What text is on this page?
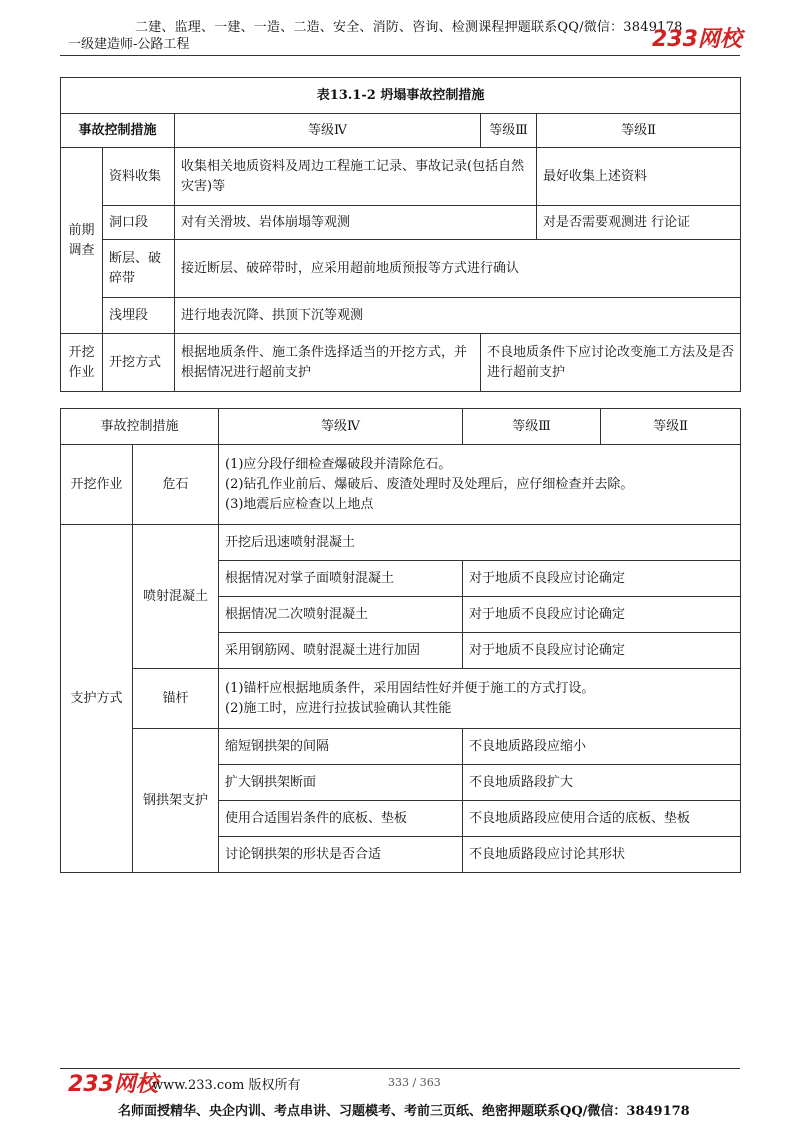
二建、监理、一建、一造、二造、安全、消防、咨询、检测课程押题联系QQ/微信：3849178
一级建造师-公路工程	233网校
表13.1-2 坍塌事故控制措施				
事故控制措施		等级Ⅳ	等级Ⅲ	等级Ⅱ
前期调查	资料收集	收集相关地质资料及周边工程施工记录、事故记录(包括自然灾害)等		最好收集上述资料
	洞口段	对有关滑坡、岩体崩塌等观测		对是否需要观测进 行论证
	断层、破碎带	接近断层、破碎带时，应采用超前地质预报等方式进行确认		
	浅埋段	进行地表沉降、拱顶下沉等观测		
开挖作业	开挖方式	根据地质条件、施工条件选择适当的开挖方式，并根据情况进行超前支护	不良地质条件下应讨论改变施工方法及是否进行超前支护	
事故控制措施		等级Ⅳ	等级Ⅲ	等级Ⅱ
开挖作业	危石	(1)应分段仔细检查爆破段并清除危石。
(2)钻孔作业前后、爆破后、废渣处理时及处理后，应仔细检查并去除。
(3)地震后应检查以上地点		

支护方式	喷射混凝土	开挖后迅速喷射混凝土		
		根据情况对掌子面喷射混凝土	对于地质不良段应讨论确定	
		根据情况二次喷射混凝土	对于地质不良段应讨论确定	
		采用钢筋网、喷射混凝土进行加固	对于地质不良段应讨论确定	
	锚杆	(1)锚杆应根据地质条件，采用固结性好并便于施工的方式打设。
(2)施工时，应进行拉拔试验确认其性能		

	钢拱架支护	缩短钢拱架的间隔	不良地质路段应缩小	
		扩大钢拱架断面	不良地质路段扩大	
		使用合适围岩条件的底板、垫板	不良地质路段应使用合适的底板、垫板	
		讨论钢拱架的形状是否合适	不良地质路段应讨论其形状	
233网校
www.233.com 版权所有	333 / 363
名师面授精华、央企内训、考点串讲、习题模考、考前三页纸、绝密押题联系QQ/微信：3849178
